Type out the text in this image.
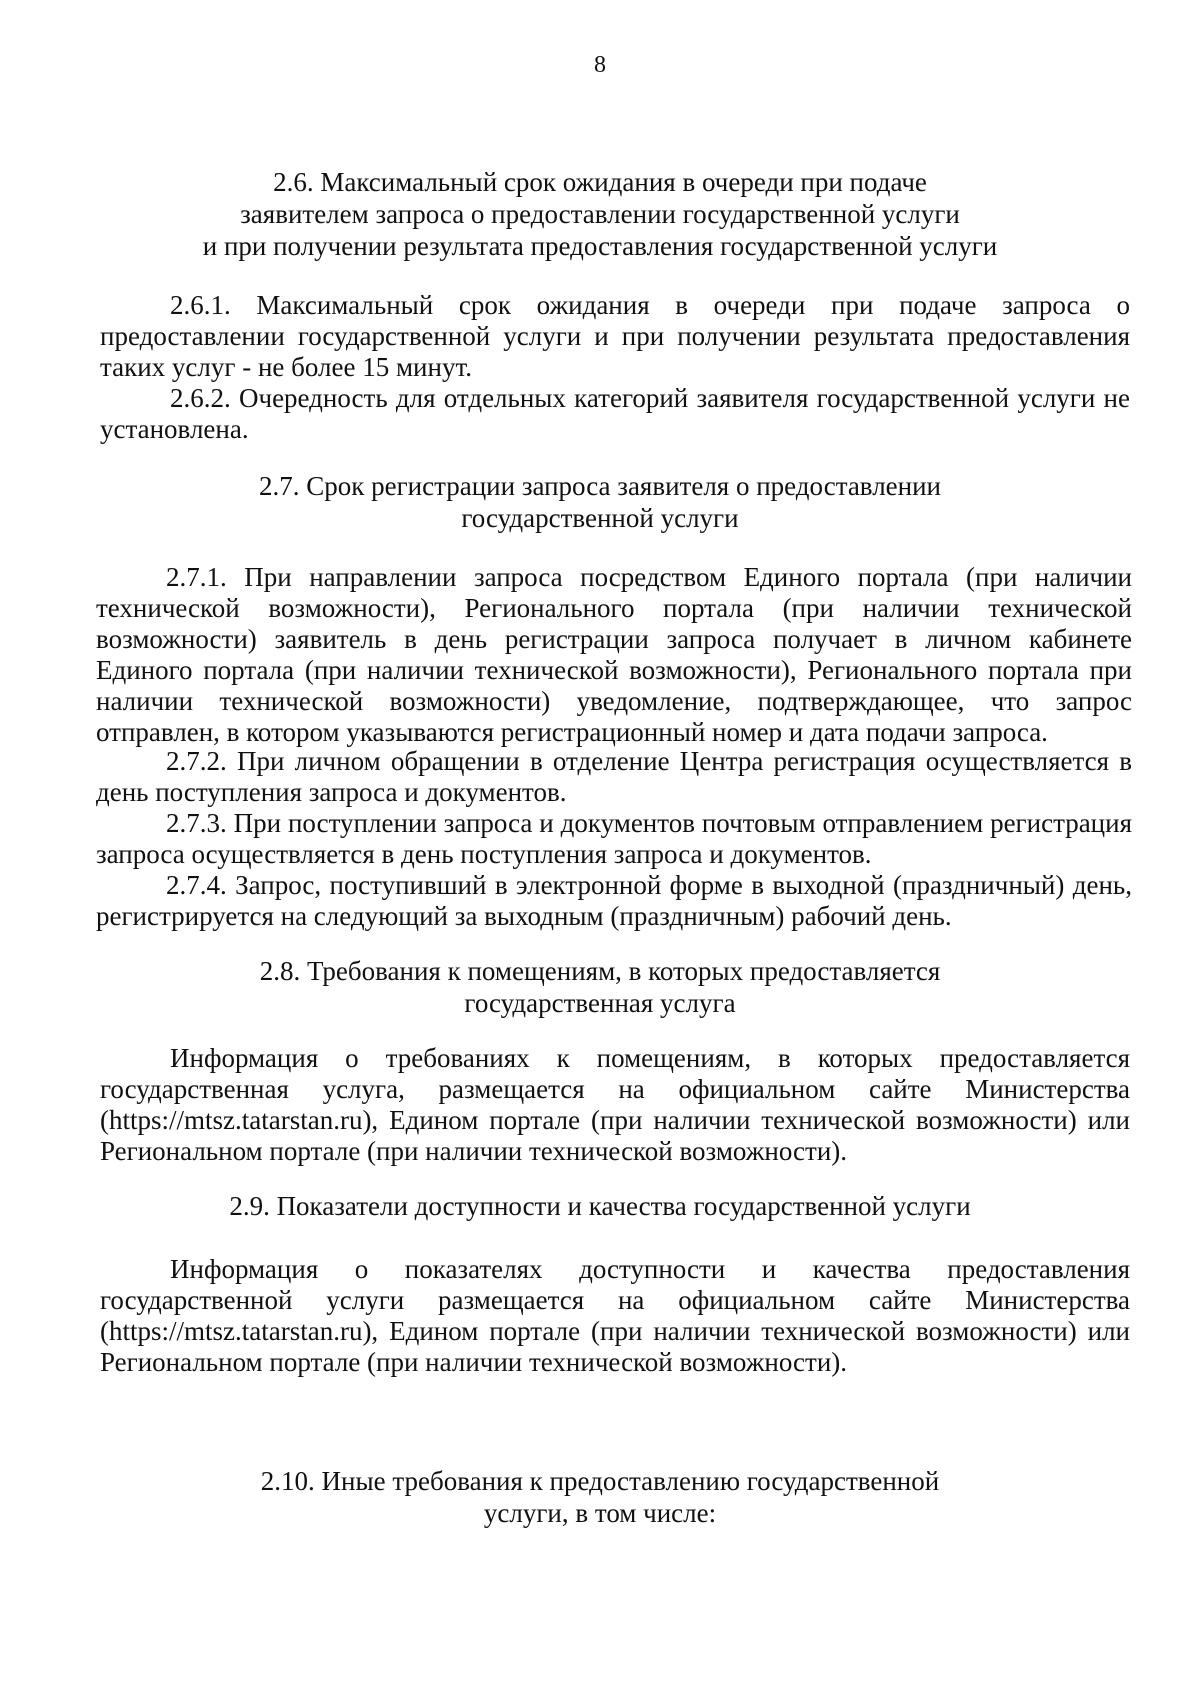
8
2.6. Максимальный срок ожидания в очереди при подаче
заявителем запроса о предоставлении государственной услуги
и при получении результата предоставления государственной услуги

2.6.1. Максимальный срок ожидания в очереди при подаче запроса о предоставлении государственной услуги и при получении результата предоставления таких услуг - не более 15 минут.

2.6.2. Очередность для отдельных категорий заявителя государственной услуги не установлена.

2.7. Срок регистрации запроса заявителя о предоставлении
государственной услуги

2.7.1. При направлении запроса посредством Единого портала (при наличии технической возможности), Регионального портала (при наличии технической возможности) заявитель в день регистрации запроса получает в личном кабинете Единого портала (при наличии технической возможности), Регионального портала при наличии технической возможности) уведомление, подтверждающее, что запрос отправлен, в котором указываются регистрационный номер и дата подачи запроса.

2.7.2. При личном обращении в отделение Центра регистрация осуществляется в день поступления запроса и документов.

2.7.3. При поступлении запроса и документов почтовым отправлением регистрация запроса осуществляется в день поступления запроса и документов.

2.7.4. Запрос, поступивший в электронной форме в выходной (праздничный) день, регистрируется на следующий за выходным (праздничным) рабочий день.

2.8. Требования к помещениям, в которых предоставляется
государственная услуга

Информация о требованиях к помещениям, в которых предоставляется государственная услуга, размещается на официальном сайте Министерства (https://mtsz.tatarstan.ru), Едином портале (при наличии технической возможности) или Региональном портале (при наличии технической возможности).

2.9. Показатели доступности и качества государственной услуги

Информация о показателях доступности и качества предоставления государственной услуги размещается на официальном сайте Министерства (https://mtsz.tatarstan.ru), Едином портале (при наличии технической возможности) или Региональном портале (при наличии технической возможности).

2.10. Иные требования к предоставлению государственной
услуги, в том числе:
